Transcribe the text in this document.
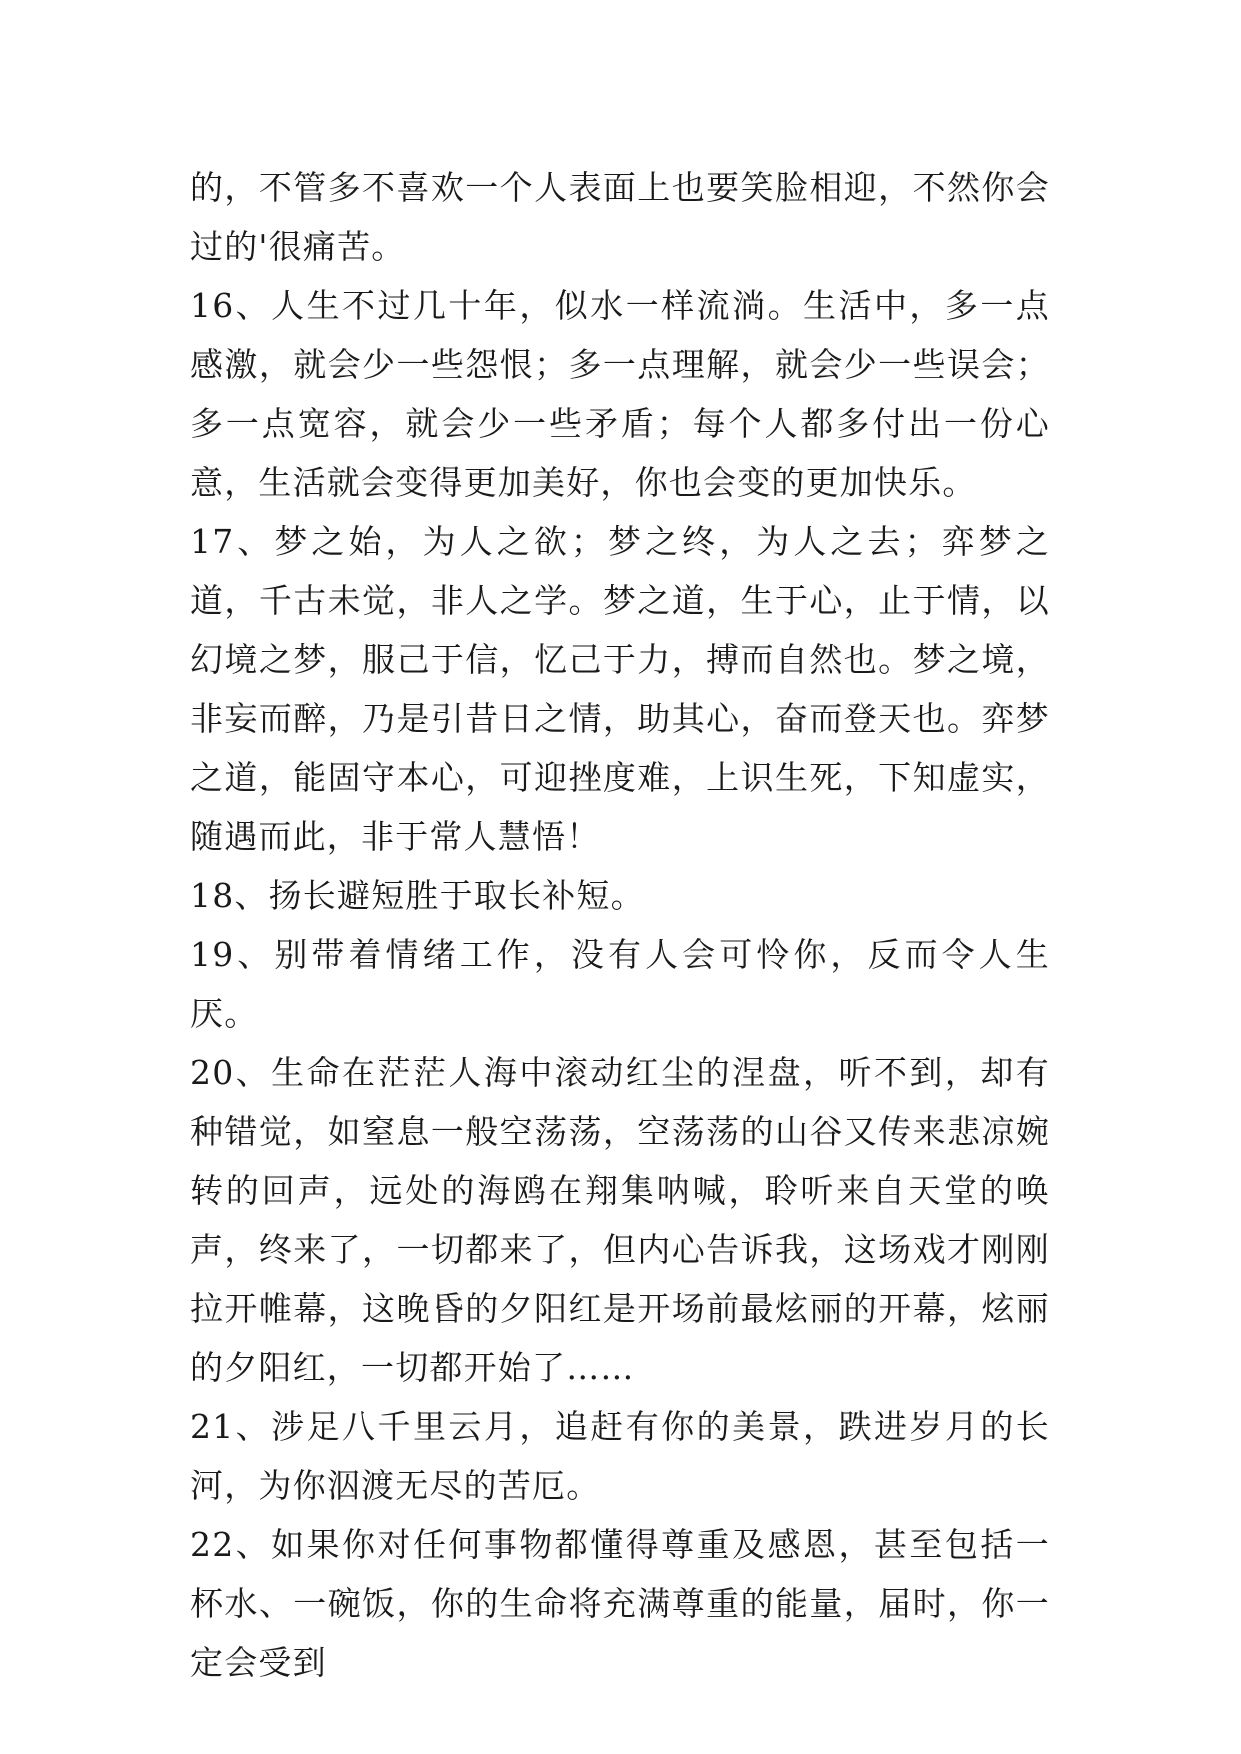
的，不管多不喜欢一个人表面上也要笑脸相迎，不然你会过的'很痛苦。

16、人生不过几十年，似水一样流淌。生活中，多一点感激，就会少一些怨恨；多一点理解，就会少一些误会；多一点宽容，就会少一些矛盾；每个人都多付出一份心意，生活就会变得更加美好，你也会变的更加快乐。

17、梦之始，为人之欲；梦之终，为人之去；弈梦之道，千古未觉，非人之学。梦之道，生于心，止于情，以幻境之梦，服己于信，忆己于力，搏而自然也。梦之境，非妄而醉，乃是引昔日之情，助其心，奋而登天也。弈梦之道，能固守本心，可迎挫度难，上识生死，下知虚实，随遇而此，非于常人慧悟！

18、扬长避短胜于取长补短。

19、别带着情绪工作，没有人会可怜你，反而令人生厌。

20、生命在茫茫人海中滚动红尘的涅盘，听不到，却有种错觉，如窒息一般空荡荡，空荡荡的山谷又传来悲凉婉转的回声，远处的海鸥在翔集呐喊，聆听来自天堂的唤声，终来了，一切都来了，但内心告诉我，这场戏才刚刚拉开帷幕，这晚昏的夕阳红是开场前最炫丽的开幕，炫丽的夕阳红，一切都开始了……

21、涉足八千里云月，追赶有你的美景，跌进岁月的长河，为你泅渡无尽的苦厄。

22、如果你对任何事物都懂得尊重及感恩，甚至包括一杯水、一碗饭，你的生命将充满尊重的能量，届时，你一定会受到
